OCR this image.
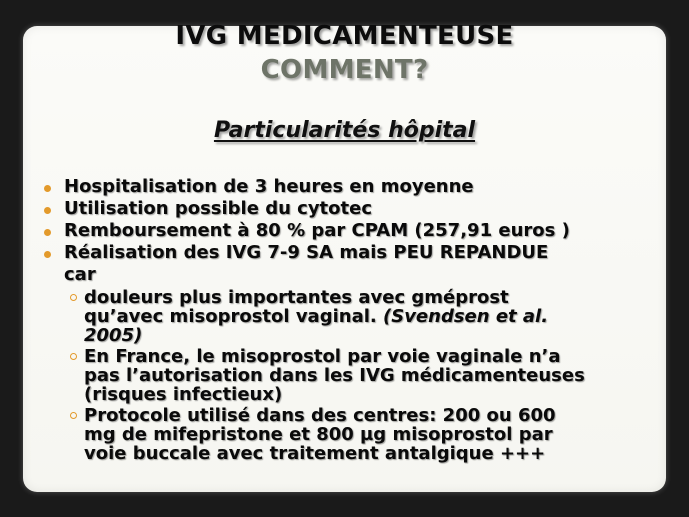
IVG MEDICAMENTEUSE
COMMENT?
Particularités hôpital
Hospitalisation de 3 heures en moyenne
Utilisation possible du cytotec
Remboursement à 80 % par CPAM (257,91 euros )
Réalisation des IVG 7-9 SA mais PEU REPANDUE
car
douleurs plus importantes avec gméprost
qu’avec misoprostol vaginal. (Svendsen et al.
2005)
En France, le misoprostol par voie vaginale n’a
pas l’autorisation dans les IVG médicamenteuses
(risques infectieux)
Protocole utilisé dans des centres: 200 ou 600
mg de mifepristone et 800 µg misoprostol par
voie buccale avec traitement antalgique +++
